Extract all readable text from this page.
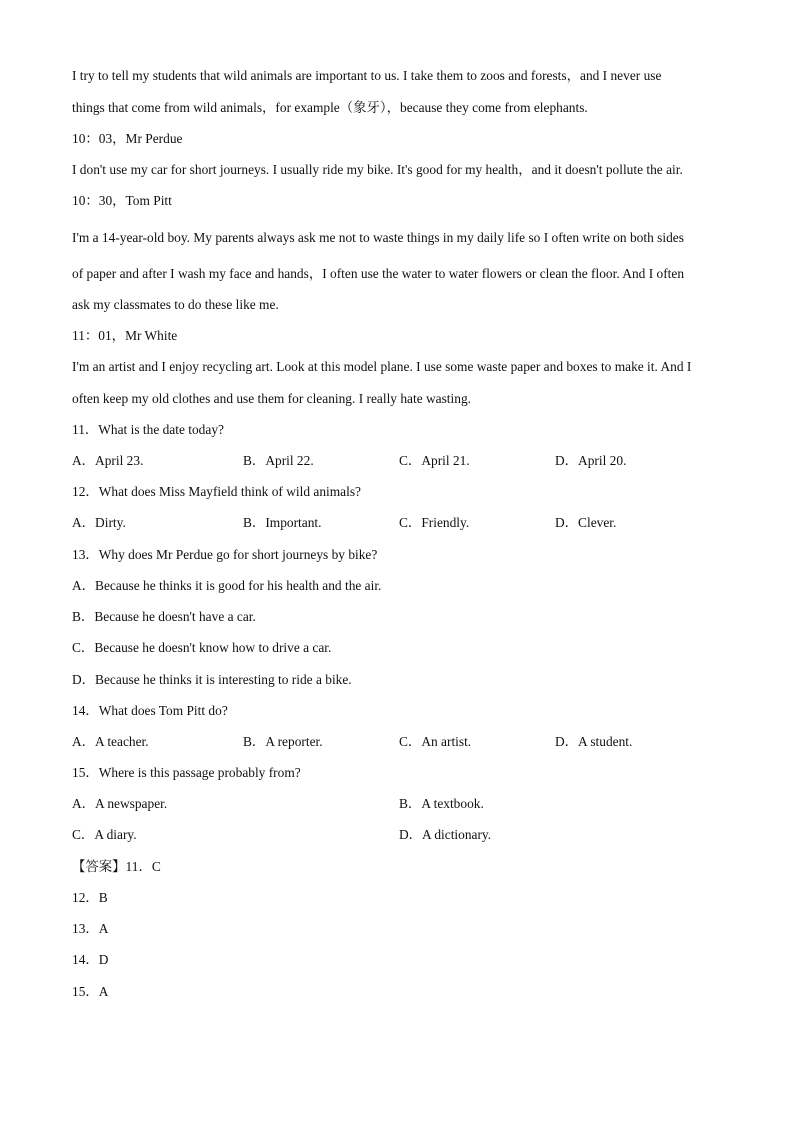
I try to tell my students that wild animals are important to us. I take them to zoos and forests，and I never use
things that come from wild animals，for example（象牙），because they come from elephants.
10：03，Mr Perdue
I don't use my car for short journeys. I usually ride my bike. It's good for my health，and it doesn't pollute the air.
10：30，Tom Pitt
I'm a 14-year-old boy. My parents always ask me not to waste things in my daily life so I often write on both sides
of paper and after I wash my face and hands，I often use the water to water flowers or clean the floor. And I often
ask my classmates to do these like me.
11：01，Mr White
I'm an artist and I enjoy recycling art. Look at this model plane. I use some waste paper and boxes to make it. And I
often keep my old clothes and use them for cleaning. I really hate wasting.
11．What is the date today?
A．April 23.	B．April 22.	C．April 21.	D．April 20.
12．What does Miss Mayfield think of wild animals?
A．Dirty.	B．Important.	C．Friendly.	D．Clever.
13．Why does Mr Perdue go for short journeys by bike?
A．Because he thinks it is good for his health and the air.
B．Because he doesn't have a car.
C．Because he doesn't know how to drive a car.
D．Because he thinks it is interesting to ride a bike.
14．What does Tom Pitt do?
A．A teacher.	B．A reporter.	C．An artist.	D．A student.
15．Where is this passage probably from?
A．A newspaper.	B．A textbook.
C．A diary.	D．A dictionary.
【答案】11．C
12．B
13．A
14．D
15．A
